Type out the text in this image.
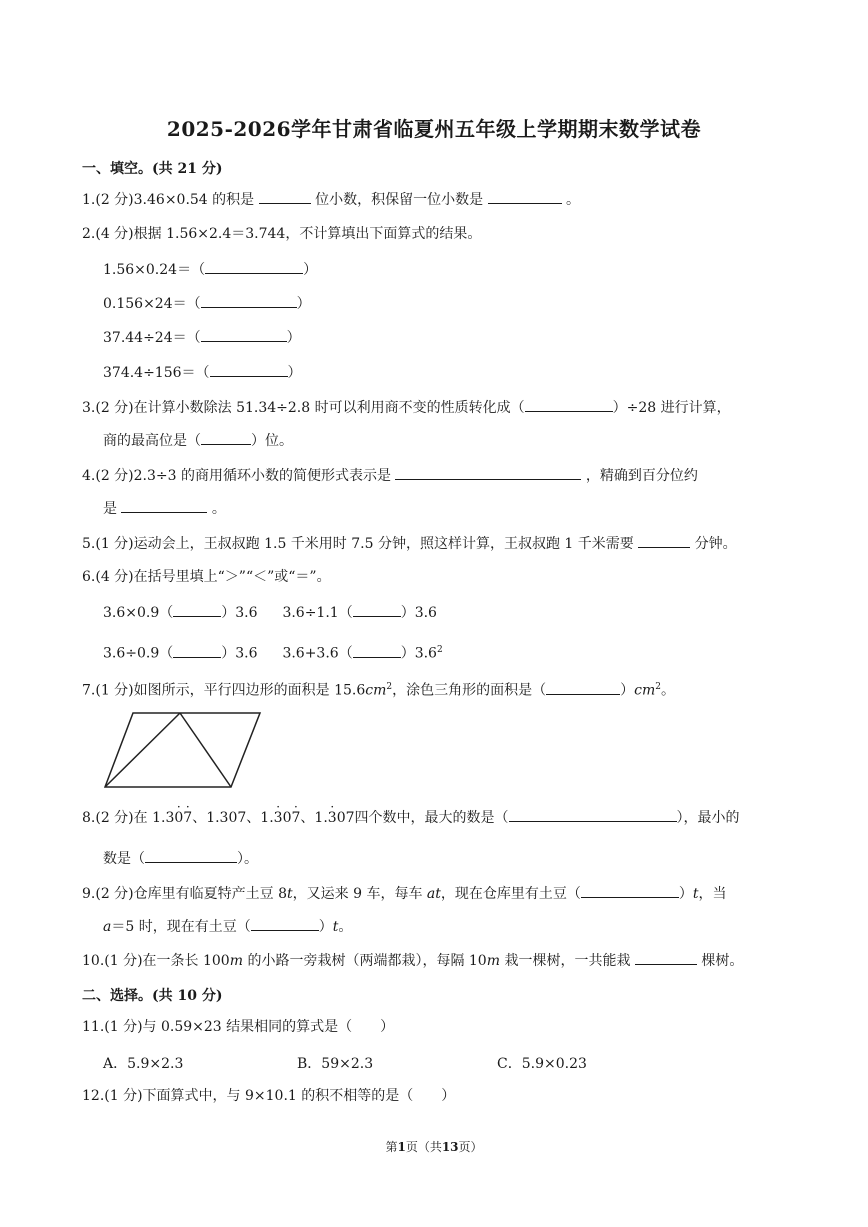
2025-2026学年甘肃省临夏州五年级上学期期末数学试卷
一、填空。(共 21 分)
1.(2 分)3.46×0.54 的积是	位小数，积保留一位小数是	。
2.(4 分)根据 1.56×2.4＝3.744，不计算填出下面算式的结果。
1.56×0.24＝（	）
0.156×24＝（	）
37.44÷24＝（	）
374.4÷156＝（	）
3.(2 分)在计算小数除法 51.34÷2.8 时可以利用商不变的性质转化成（	）÷28 进行计算，
商的最高位是（	）位。
4.(2 分)2.3÷3 的商用循环小数的简便形式表示是	，精确到百分位约
是	。
5.(1 分)运动会上，王叔叔跑 1.5 千米用时 7.5 分钟，照这样计算，王叔叔跑 1 千米需要	分钟。
6.(4 分)在括号里填上“＞”“＜”或“＝”。
3.6×0.9（	）3.6 3.6÷1.1（	）3.6
3.6÷0.9（	）3.6 3.6+3.6（	）$3.6^2$
7.(1 分)如图所示，平行四边形的面积是 $15.6cm^2$，涂色三角形的面积是（	）$cm^2$。
8.(2 分)在 1.30 ·7 ·、1.307、1.3 ·07 ·、1.3 ·07四个数中，最大的数是（	），最小的
数是（	）。
9.(2 分)仓库里有临夏特产土豆 8t，又运来 9 车，每车 at，现在仓库里有土豆（	）t，当
a＝5 时，现在有土豆（	）t。
10.(1 分)在一条长 100m 的小路一旁栽树（两端都栽），每隔 10m 栽一棵树，一共能栽	棵树。
二、选择。(共 10 分)
11.(1 分)与 0.59×23 结果相同的算式是（　　）
A．5.9×2.3	B．59×2.3	C．5.9×0.23
12.(1 分)下面算式中，与 9×10.1 的积不相等的是（　　）
第1页（共13页）
